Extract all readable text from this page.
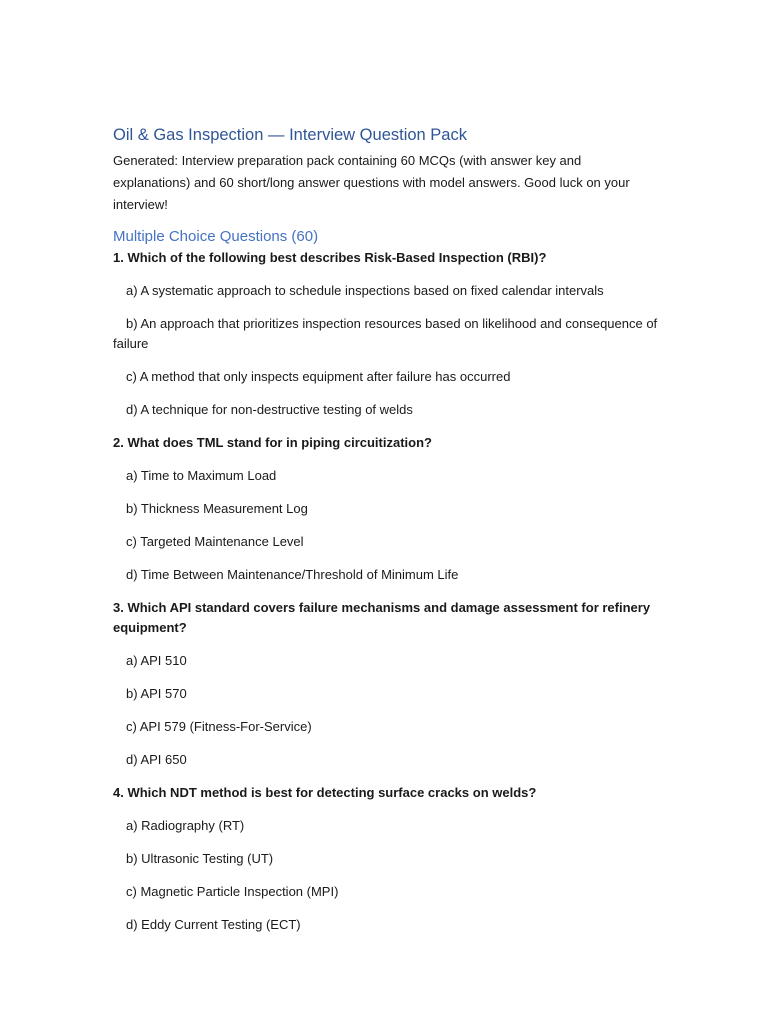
Oil & Gas Inspection — Interview Question Pack

Generated: Interview preparation pack containing 60 MCQs (with answer key and explanations) and 60 short/long answer questions with model answers. Good luck on your interview!

Multiple Choice Questions (60)

1. Which of the following best describes Risk-Based Inspection (RBI)?

a) A systematic approach to schedule inspections based on fixed calendar intervals

b) An approach that prioritizes inspection resources based on likelihood and consequence of failure

c) A method that only inspects equipment after failure has occurred

d) A technique for non-destructive testing of welds

2. What does TML stand for in piping circuitization?

a) Time to Maximum Load

b) Thickness Measurement Log

c) Targeted Maintenance Level

d) Time Between Maintenance/Threshold of Minimum Life

3. Which API standard covers failure mechanisms and damage assessment for refinery equipment?

a) API 510

b) API 570

c) API 579 (Fitness-For-Service)

d) API 650

4. Which NDT method is best for detecting surface cracks on welds?

a) Radiography (RT)

b) Ultrasonic Testing (UT)

c) Magnetic Particle Inspection (MPI)

d) Eddy Current Testing (ECT)
